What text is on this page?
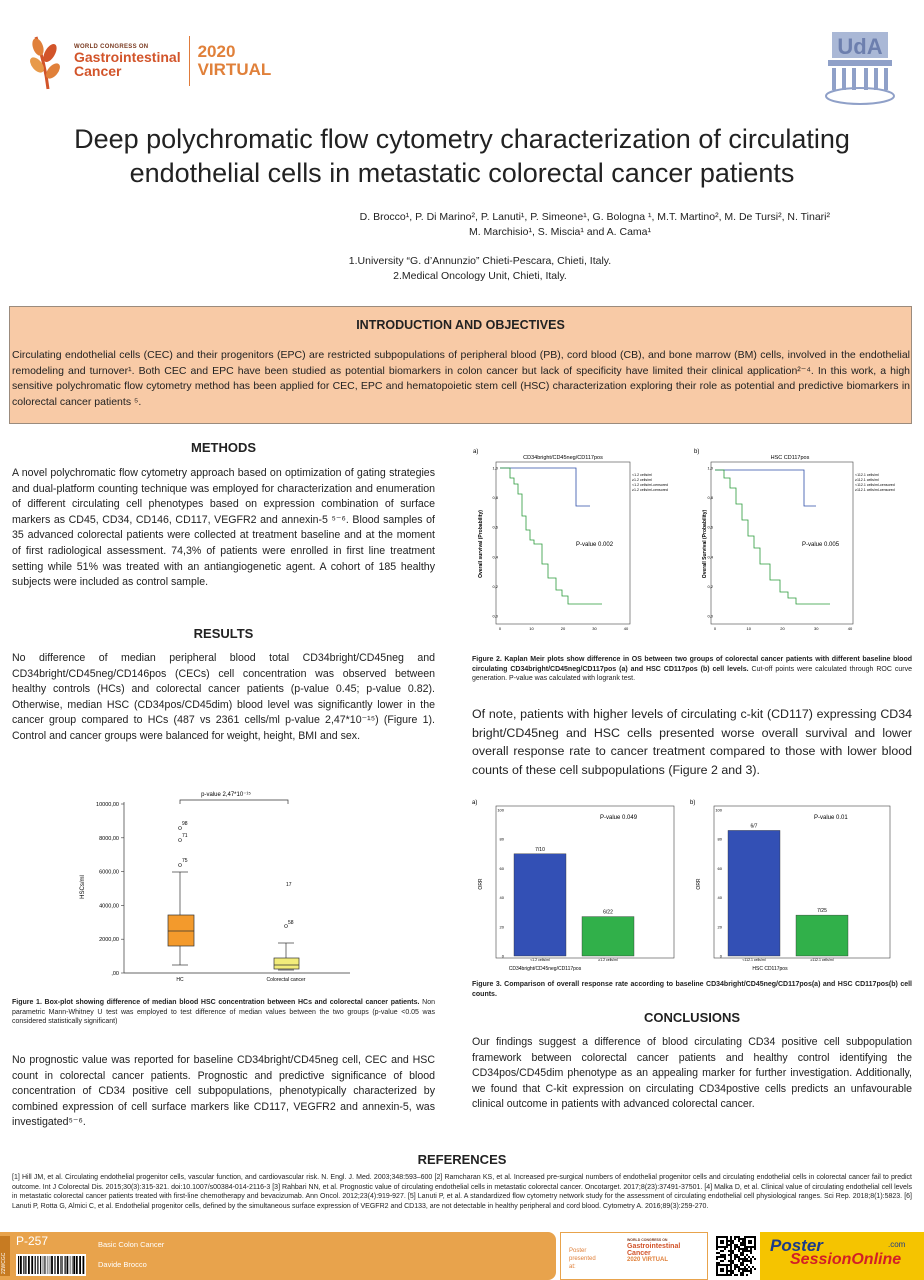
WORLD CONGRESS ON
Gastrointestinal
Cancer
2020
VIRTUAL
UdA
Deep polychromatic flow cytometry characterization of circulating
endothelial cells in metastatic colorectal cancer patients
D. Brocco¹, P. Di Marino², P. Lanuti¹, P. Simeone¹, G. Bologna ¹, M.T. Martino², M. De Tursi², N. Tinari²
M. Marchisio¹, S. Miscia¹ and A. Cama¹
1.University “G. d’Annunzio” Chieti-Pescara, Chieti, Italy.
2.Medical Oncology Unit, Chieti, Italy.
INTRODUCTION AND OBJECTIVES
Circulating endothelial cells (CEC) and their progenitors (EPC) are restricted subpopulations of peripheral blood (PB), cord blood (CB), and bone marrow (BM) cells, involved in the endothelial remodeling and turnover¹. Both CEC and EPC have been studied as potential biomarkers in colon cancer but lack of specificity have limited their clinical application²⁻⁴. In this work, a high sensitive polychromatic flow cytometry method has been applied for CEC, EPC and hematopoietic stem cell (HSC) characterization exploring their role as potential and predictive biomarkers in colorectal cancer patients ⁵.
METHODS
A novel polychromatic flow cytometry approach based on optimization of gating strategies and dual-platform counting technique was employed for characterization and enumeration of different circulating cell phenotypes based on expression combination of surface markers as CD45, CD34, CD146, CD117, VEGFR2 and annexin-5 ⁵⁻⁶. Blood samples of 35 advanced colorectal patients were collected at treatment baseline and at the moment of first radiological assessment. 74,3% of patients were enrolled in first line treatment setting while 51% was treated with an antiangiogenetic agent. A cohort of 185 healthy subjects were included as control sample.
RESULTS
No difference of median peripheral blood total CD34bright/CD45neg and CD34bright/CD45neg/CD146pos (CECs) cell concentration was observed between healthy controls (HCs) and colorectal cancer patients (p-value 0.45; p-value 0.82). Otherwise, median HSC (CD34pos/CD45dim) blood level was significantly lower in the cancer group compared to HCs (487 vs 2361 cells/ml p-value 2,47*10⁻¹⁵) (Figure 1). Control and cancer groups were balanced for weight, height, BMI and sex.
p-value 2,47*10⁻¹⁵
10000,00
8000,00
6000,00
4000,00
2000,00
,00
HSCs/ml
98
71
75
17
58
HC	Colorectal cancer
Figure 1. Box-plot showing difference of median blood HSC concentration between HCs and colorectal cancer patients. Non parametric Mann-Whitney U test was employed to test difference of median values between the two groups (p-value <0.05 was considered statistically significant)
No prognostic value was reported for baseline CD34bright/CD45neg cell, CEC and HSC count in colorectal cancer patients. Prognostic and predictive significance of blood concentration of CD34 positive cell subpopulations, phenotypically characterized by combined expression of cell surface markers like CD117, VEGFR2 and annexin-5, was investigated⁵⁻⁶.
a)	b)
CD34bright/CD45neg/CD117pos	HSC CD117pos
1,0
0,8
0,6
0,4
0,2
0,0
0	10	20	30	40
1,0
0,8
0,6
0,4
0,2
0,0
0	10	20	30	40
Overall survival (Probability)	Overall Survival (Probability)
P-value 0.002	P-value 0.005
<1.2 cells/ml
≥1.2 cells/ml
<1.2 cells/ml-censored
≥1.2 cells/ml-censored
<112.1 cells/ml
≥112.1 cells/ml
<112.1 cells/ml-censored
≥112.1 cells/ml-censored
Figure 2. Kaplan Meir plots show difference in OS between two groups of colorectal cancer patients with different baseline blood circulating CD34bright/CD45neg/CD117pos (a) and HSC CD117pos (b) cell levels. Cut-off points were calculated through ROC curve generation. P-value was calculated with logrank test.
Of note, patients with higher levels of circulating c-kit (CD117) expressing CD34 bright/CD45neg and HSC cells presented worse overall survival and lower overall response rate to cancer treatment compared to those with lower blood counts of these cell subpopulations (Figure 2 and 3).
a)	b)
100
80
60
40
20
0
100
80
60
40
20
0
ORR	ORR
P-value 0.049	P-value 0.01
7/10
<1.2 cells/ml
6/22
≥1.2 cells/ml
6/7
<112.1 cells/ml
7/25
≥112.1 cells/ml
CD34bright/CD45neg/CD117pos	HSC CD117pos
Figure 3. Comparison of overall response rate according to baseline CD34bright/CD45neg/CD117pos(a) and HSC CD117pos(b) cell counts.
CONCLUSIONS
Our findings suggest a difference of blood circulating CD34 positive cell subpopulation framework between colorectal cancer patients and healthy control identifying the CD34pos/CD45dim phenotype as an appealing marker for further investigation. Additionally, we found that C-kit expression on circulating CD34postive cells predicts an unfavourable clinical outcome in patients with advanced colorectal cancer.
REFERENCES
[1] Hill JM, et al. Circulating endothelial progenitor cells, vascular function, and cardiovascular risk. N. Engl. J. Med. 2003;348:593–600 [2] Ramcharan KS, et al. Increased pre-surgical numbers of endothelial progenitor cells and circulating endothelial cells in colorectal cancer fail to predict outcome. Int J Colorectal Dis. 2015;30(3):315-321. doi:10.1007/s00384-014-2116-3 [3] Rahbari NN, et al. Prognostic value of circulating endothelial cells in metastatic colorectal cancer. Oncotarget. 2017;8(23):37491-37501. [4] Malka D, et al. Clinical value of circulating endothelial cell levels in metastatic colorectal cancer patients treated with first-line chemotherapy and bevacizumab. Ann Oncol. 2012;23(4):919-927. [5] Lanuti P, et al. A standardized flow cytometry network study for the assessment of circulating endothelial cell physiological ranges. Sci Rep. 2018;8(1):5823. [6] Lanuti P, Rotta G, Almici C, et al. Endothelial progenitor cells, defined by the simultaneous surface expression of VEGFR2 and CD133, are not detectable in healthy peripheral and cord blood. Cytometry A. 2016;89(3):259-270.
22WCGC
P-257	Basic Colon Cancer
Davide Brocco
Poster presented at:
WORLD CONGRESS ON
Gastrointestinal
Cancer
2020 VIRTUAL
Poster
SessionOnline
.com
